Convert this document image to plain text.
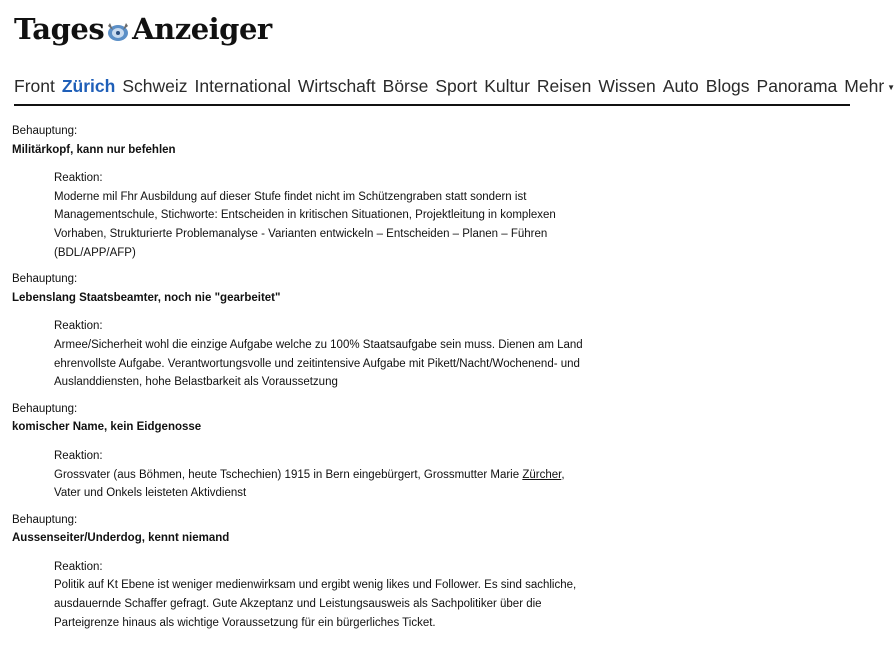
Tages Anzeiger
Front Zürich Schweiz International Wirtschaft Börse Sport Kultur Reisen Wissen Auto Blogs Panorama Mehr ▼

Behauptung:

Militärkopf, kann nur befehlen

Reaktion:

Moderne mil Fhr Ausbildung auf dieser Stufe findet nicht im Schützengraben statt sondern ist Managementschule, Stichworte: Entscheiden in kritischen Situationen, Projektleitung in komplexen Vorhaben, Strukturierte Problemanalyse - Varianten entwickeln – Entscheiden – Planen – Führen (BDL/APP/AFP)

Behauptung:

Lebenslang Staatsbeamter, noch nie "gearbeitet"

Reaktion:

Armee/Sicherheit wohl die einzige Aufgabe welche zu 100% Staatsaufgabe sein muss. Dienen am Land ehrenvollste Aufgabe. Verantwortungsvolle und zeitintensive Aufgabe mit Pikett/Nacht/Wochenend- und Auslanddiensten, hohe Belastbarkeit als Voraussetzung

Behauptung:

komischer Name, kein Eidgenosse

Reaktion:

Grossvater (aus Böhmen, heute Tschechien) 1915 in Bern eingebürgert, Grossmutter Marie Zürcher, Vater und Onkels leisteten Aktivdienst

Behauptung:

Aussenseiter/Underdog, kennt niemand

Reaktion:

Politik auf Kt Ebene ist weniger medienwirksam und ergibt wenig likes und Follower. Es sind sachliche, ausdauernde Schaffer gefragt. Gute Akzeptanz und Leistungsausweis als Sachpolitiker über die Parteigrenze hinaus als wichtige Voraussetzung für ein bürgerliches Ticket.
